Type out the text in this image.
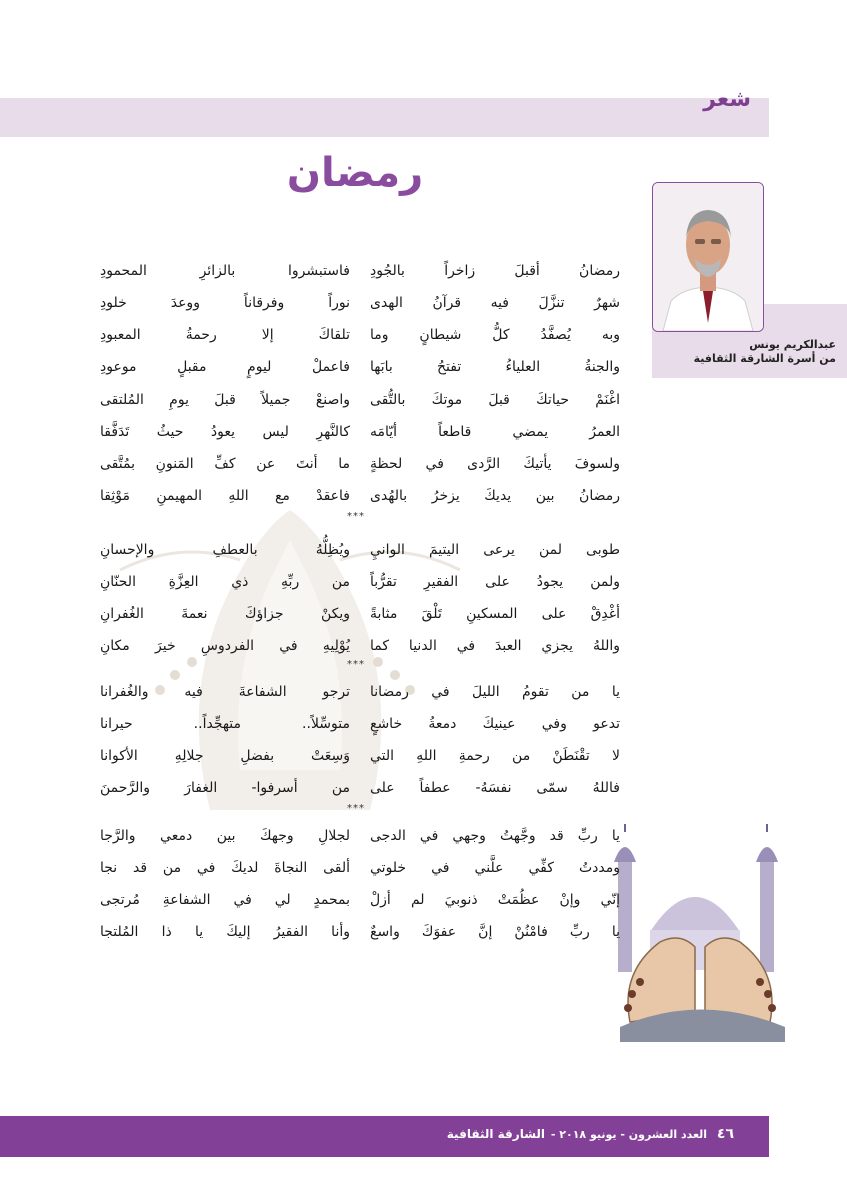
شعر
رمضان
عبدالكريم يونس
من أسرة الشارقة الثقافية
رمضانُ أقبلَ زاخراً بالجُودِ
فاستبشروا بالزائرِ المحمودِ
شهرٌ تنزَّلَ فيه قرآنُ الهدى
نوراً وفرقاناً ووعدَ خلودِ
وبه يُصفَّدُ كلُّ شيطانٍ وما
تلقاكَ إلا رحمةُ المعبودِ
والجنةُ العلياءُ تفتحُ بابَها
فاعملْ ليومٍ مقبلٍ موعودِ
اغْنَمْ حياتكَ قبلَ موتكَ بالتُّقى
واصنعْ جميلاً قبلَ يومِ المُلتقى
العمرُ يمضي قاطعاً أيّامَه
كالنَّهرِ ليس يعودُ حيثُ تَدَفَّقا
ولسوفَ يأتيكَ الرَّدى في لحظةٍ
ما أنتَ عن كفِّ المَنونِ بمُتَّقى
رمضانُ بين يديكَ يزخرُ بالهُدى
فاعقدْ مع اللهِ المهيمنِ مَوْثِقا
***
طوبى لمن يرعى اليتيمَ الوانيِ
ويُظِلُّهُ بالعطفِ والإحسانِ
ولمن يجودُ على الفقيرِ تقرُّباً
من ربِّهِ ذي العِزَّةِ الحنّانِ
أغْدِقْ على المسكينِ تَلْقَ مثابةً
ويكنْ جزاؤكَ نعمةَ الغُفرانِ
واللهُ يجزي العبدَ في الدنيا كما
يُوْلِيهِ في الفردوسِ خيرَ مكانِ
***
يا من تقومُ الليلَ في رمضانا
ترجو الشفاعةَ فيه والغُفرانا
تدعو وفي عينيكَ دمعةُ خاشعٍ
متوسِّلاً.. متهجِّداً.. حيرانا
لا تقْنَطَنْ من رحمةِ اللهِ التي
وَسِعَتْ بفضلِ جلالِهِ الأكوانا
فاللهُ سمّى نفسَهُ- عطفاً على
من أسرفوا- الغفارَ والرَّحمنَ
***
يا ربِّ قد وجَّهتُ وجهي في الدجى
لجلالِ وجهكَ بين دمعي والرَّجا
ومددتُ كفِّي علَّني في خلوتي
ألقى النجاةَ لديكَ في من قد نجا
إنّي وإنْ عظُمَتْ ذنوبيَ لم أزلْ
بمحمدٍ لي في الشفاعةِ مُرتجى
يا ربِّ فامْنُنْ إنَّ عفوَكَ واسعٌ
وأنا الفقيرُ إليكَ يا ذا المُلتجا
٤٦ العدد العشرون - يونيو ٢٠١٨ - الشارقة الثقافية
